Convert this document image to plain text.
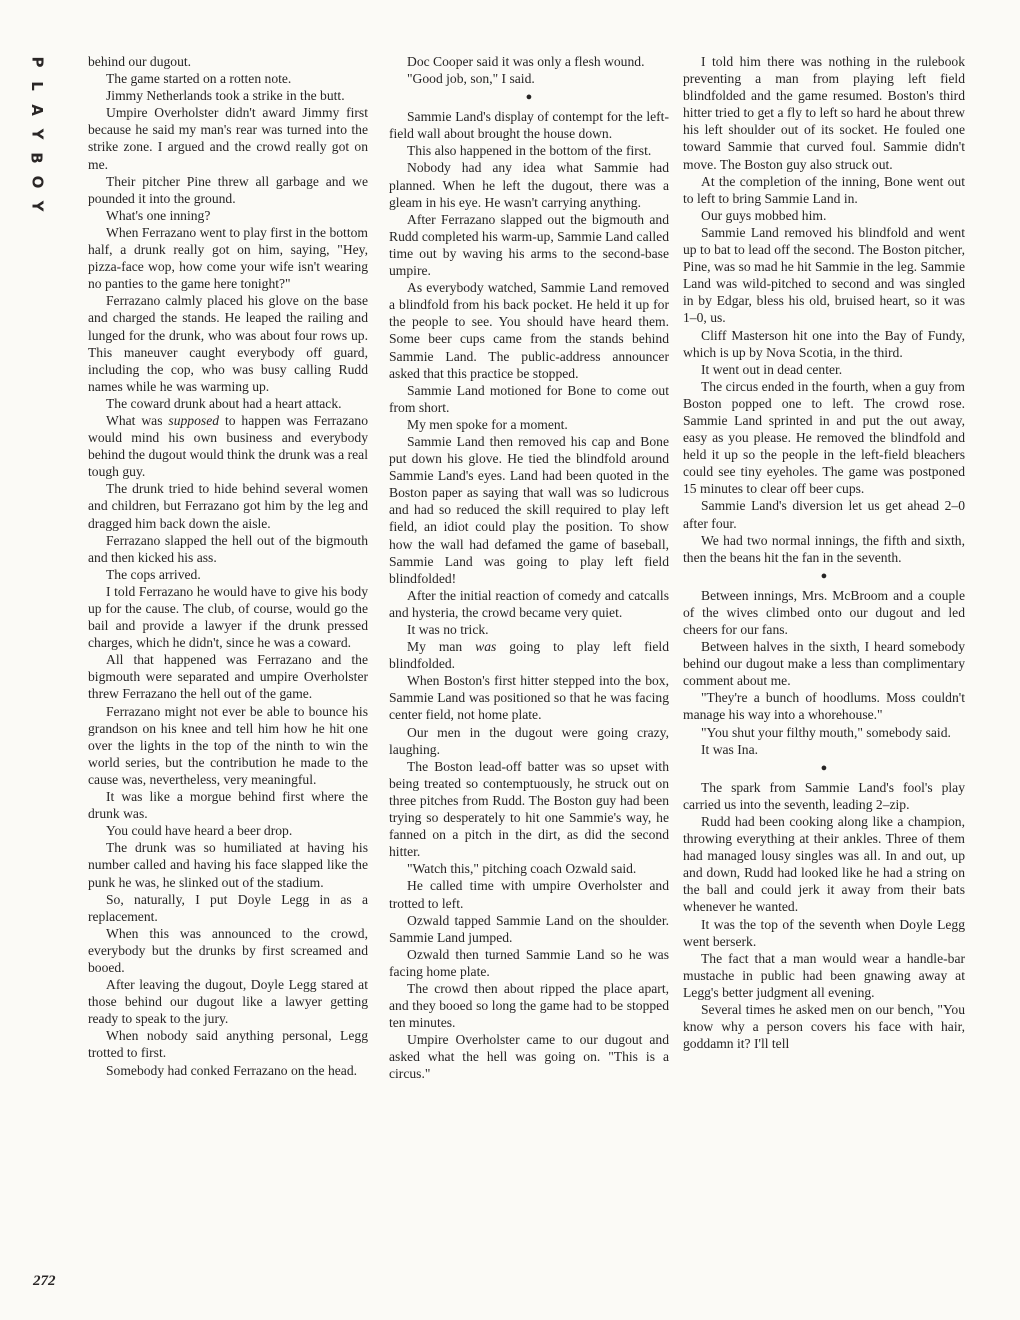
P
L
A
Y
B
O
Y
272

behind our dugout.

The game started on a rotten note.

Jimmy Netherlands took a strike in the butt.

Umpire Overholster didn't award Jimmy first because he said my man's rear was turned into the strike zone. I argued and the crowd really got on me.

Their pitcher Pine threw all garbage and we pounded it into the ground.

What's one inning?

When Ferrazano went to play first in the bottom half, a drunk really got on him, saying, "Hey, pizza-face wop, how come your wife isn't wearing no panties to the game here tonight?"

Ferrazano calmly placed his glove on the base and charged the stands. He leaped the railing and lunged for the drunk, who was about four rows up. This maneuver caught everybody off guard, including the cop, who was busy calling Rudd names while he was warming up.

The coward drunk about had a heart attack.

What was supposed to happen was Ferrazano would mind his own business and everybody behind the dugout would think the drunk was a real tough guy.

The drunk tried to hide behind several women and children, but Ferrazano got him by the leg and dragged him back down the aisle.

Ferrazano slapped the hell out of the bigmouth and then kicked his ass.

The cops arrived.

I told Ferrazano he would have to give his body up for the cause. The club, of course, would go the bail and provide a lawyer if the drunk pressed charges, which he didn't, since he was a coward.

All that happened was Ferrazano and the bigmouth were separated and umpire Overholster threw Ferrazano the hell out of the game.

Ferrazano might not ever be able to bounce his grandson on his knee and tell him how he hit one over the lights in the top of the ninth to win the world series, but the contribution he made to the cause was, nevertheless, very meaningful.

It was like a morgue behind first where the drunk was.

You could have heard a beer drop.

The drunk was so humiliated at having his number called and having his face slapped like the punk he was, he slinked out of the stadium.

So, naturally, I put Doyle Legg in as a replacement.

When this was announced to the crowd, everybody but the drunks by first screamed and booed.

After leaving the dugout, Doyle Legg stared at those behind our dugout like a lawyer getting ready to speak to the jury.

When nobody said anything personal, Legg trotted to first.

Somebody had conked Ferrazano on the head.

Doc Cooper said it was only a flesh wound.

"Good job, son," I said.

●

Sammie Land's display of contempt for the left-field wall about brought the house down.

This also happened in the bottom of the first.

Nobody had any idea what Sammie had planned. When he left the dugout, there was a gleam in his eye. He wasn't carrying anything.

After Ferrazano slapped out the bigmouth and Rudd completed his warm-up, Sammie Land called time out by waving his arms to the second-base umpire.

As everybody watched, Sammie Land removed a blindfold from his back pocket. He held it up for the people to see. You should have heard them. Some beer cups came from the stands behind Sammie Land. The public-address announcer asked that this practice be stopped.

Sammie Land motioned for Bone to come out from short.

My men spoke for a moment.

Sammie Land then removed his cap and Bone put down his glove. He tied the blindfold around Sammie Land's eyes. Land had been quoted in the Boston paper as saying that wall was so ludicrous and had so reduced the skill required to play left field, an idiot could play the position. To show how the wall had defamed the game of baseball, Sammie Land was going to play left field blindfolded!

After the initial reaction of comedy and catcalls and hysteria, the crowd became very quiet.

It was no trick.

My man was going to play left field blindfolded.

When Boston's first hitter stepped into the box, Sammie Land was positioned so that he was facing center field, not home plate.

Our men in the dugout were going crazy, laughing.

The Boston lead-off batter was so upset with being treated so contemptuously, he struck out on three pitches from Rudd. The Boston guy had been trying so desperately to hit one Sammie's way, he fanned on a pitch in the dirt, as did the second hitter.

"Watch this," pitching coach Ozwald said.

He called time with umpire Overholster and trotted to left.

Ozwald tapped Sammie Land on the shoulder. Sammie Land jumped.

Ozwald then turned Sammie Land so he was facing home plate.

The crowd then about ripped the place apart, and they booed so long the game had to be stopped ten minutes.

Umpire Overholster came to our dugout and asked what the hell was going on. "This is a circus."

I told him there was nothing in the rulebook preventing a man from playing left field blindfolded and the game resumed. Boston's third hitter tried to get a fly to left so hard he about threw his left shoulder out of its socket. He fouled one toward Sammie that curved foul. Sammie didn't move. The Boston guy also struck out.

At the completion of the inning, Bone went out to left to bring Sammie Land in.

Our guys mobbed him.

Sammie Land removed his blindfold and went up to bat to lead off the second. The Boston pitcher, Pine, was so mad he hit Sammie in the leg. Sammie Land was wild-pitched to second and was singled in by Edgar, bless his old, bruised heart, so it was 1–0, us.

Cliff Masterson hit one into the Bay of Fundy, which is up by Nova Scotia, in the third.

It went out in dead center.

The circus ended in the fourth, when a guy from Boston popped one to left. The crowd rose. Sammie Land sprinted in and put the out away, easy as you please. He removed the blindfold and held it up so the people in the left-field bleachers could see tiny eyeholes. The game was postponed 15 minutes to clear off beer cups.

Sammie Land's diversion let us get ahead 2–0 after four.

We had two normal innings, the fifth and sixth, then the beans hit the fan in the seventh.

●

Between innings, Mrs. McBroom and a couple of the wives climbed onto our dugout and led cheers for our fans.

Between halves in the sixth, I heard somebody behind our dugout make a less than complimentary comment about me.

"They're a bunch of hoodlums. Moss couldn't manage his way into a whorehouse."

"You shut your filthy mouth," somebody said.

It was Ina.

●

The spark from Sammie Land's fool's play carried us into the seventh, leading 2–zip.

Rudd had been cooking along like a champion, throwing everything at their ankles. Three of them had managed lousy singles was all. In and out, up and down, Rudd had looked like he had a string on the ball and could jerk it away from their bats whenever he wanted.

It was the top of the seventh when Doyle Legg went berserk.

The fact that a man would wear a handle-bar mustache in public had been gnawing away at Legg's better judgment all evening.

Several times he asked men on our bench, "You know why a person covers his face with hair, goddamn it? I'll tell
